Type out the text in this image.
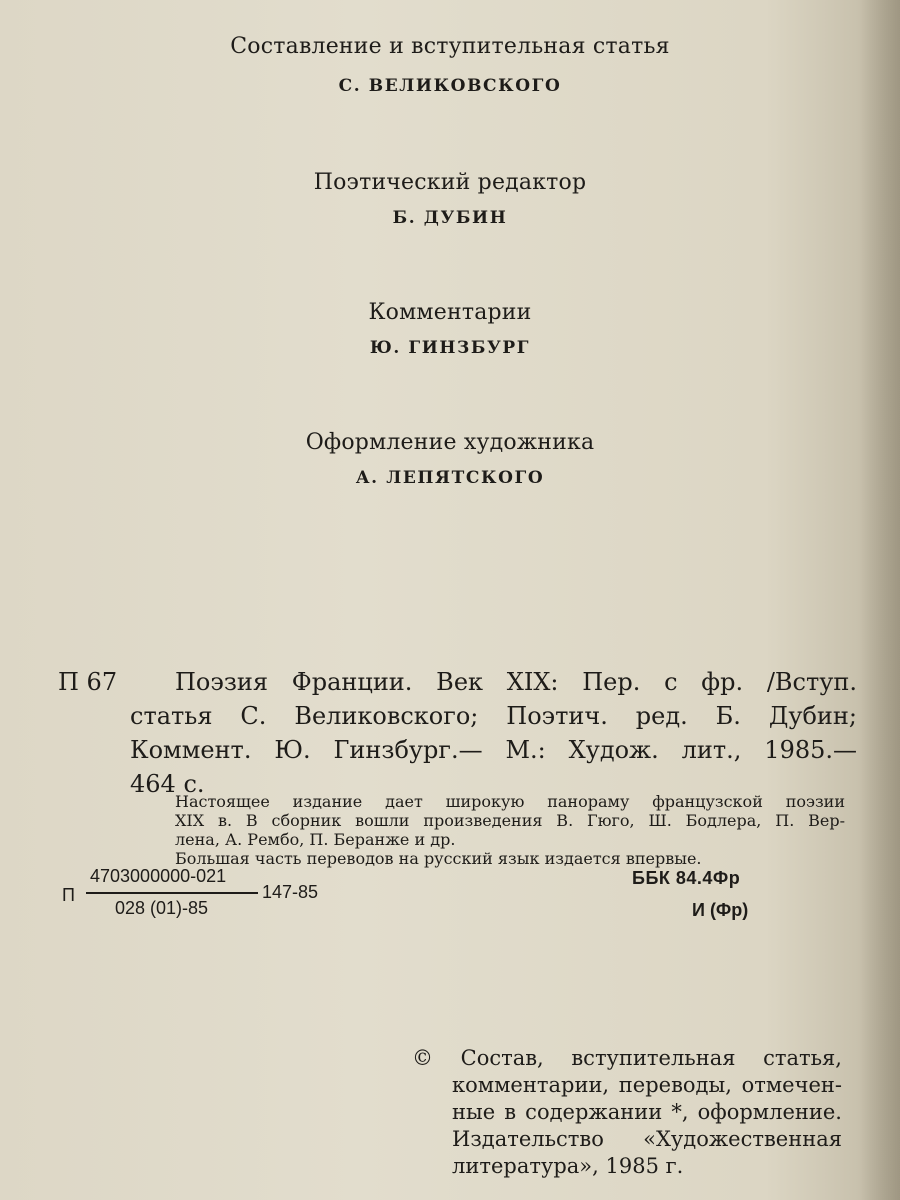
Составление и вступительная статья
С. ВЕЛИКОВСКОГО
Поэтический редактор
Б. ДУБИН
Комментарии
Ю. ГИНЗБУРГ
Оформление художника
А. ЛЕПЯТСКОГО
П 67 Поэзия Франции. Век XIX: Пер. с фр. /Вступ.
статья С. Великовского; Поэтич. ред. Б. Дубин;
Коммент. Ю. Гинзбург.— М.: Худож. лит., 1985.—
464 с.
Настоящее издание дает широкую панораму французской поэзии
XIX в. В сборник вошли произведения В. Гюго, Ш. Бодлера, П. Вер-
лена, А. Рембо, П. Беранже и др.
Большая часть переводов на русский язык издается впервые.
П
4703000000-021
028 (01)-85
147-85
ББК 84.4Фр
И (Фр)
© Состав, вступительная статья,
комментарии, переводы, отмечен-
ные в содержании *, оформление.
Издательство «Художественная
литература», 1985 г.
